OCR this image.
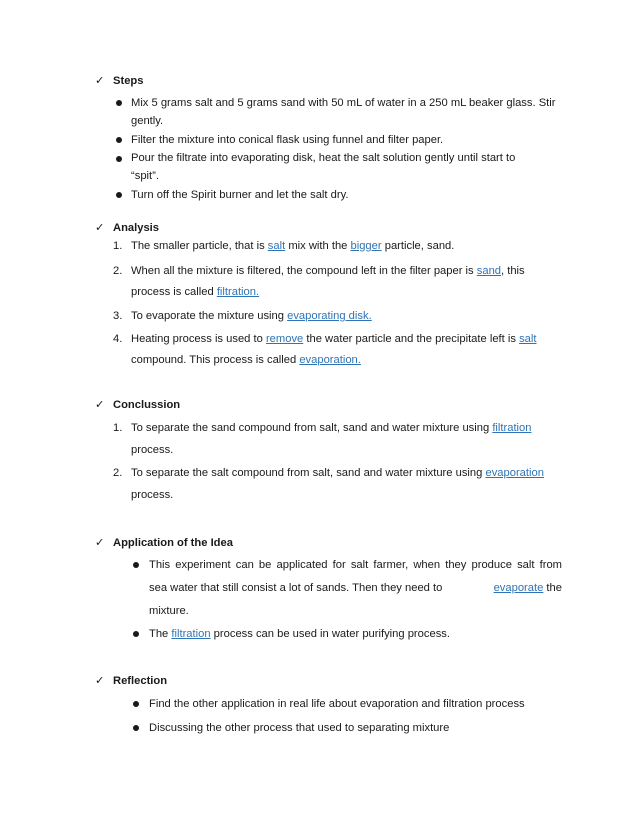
✓ Steps
Mix 5 grams salt and 5 grams sand with 50 mL of water in a 250 mL beaker glass. Stir
gently.
Filter the mixture into conical flask using funnel and filter paper.
Pour the filtrate into evaporating disk, heat the salt solution gently until start to
“spit”.
Turn off the Spirit burner and let the salt dry.
✓ Analysis
1. The smaller particle, that is salt mix with the bigger particle, sand.
2. When all the mixture is filtered, the compound left in the filter paper is sand, this
process is called filtration.
3. To evaporate the mixture using evaporating disk.
4. Heating process is used to remove the water particle and the precipitate left is salt
compound. This process is called evaporation.
✓ Conclussion
1. To separate the sand compound from salt, sand and water mixture using filtration
process.
2. To separate the salt compound from salt, sand and water mixture using evaporation
process.
✓ Application of the Idea
This experiment can be applicated for salt farmer, when they produce salt from
sea water that still consist a lot of sands. Then they need to	evaporate the
mixture.
The filtration process can be used in water purifying process.
✓ Reflection
Find the other application in real life about evaporation and filtration process
Discussing the other process that used to separating mixture
